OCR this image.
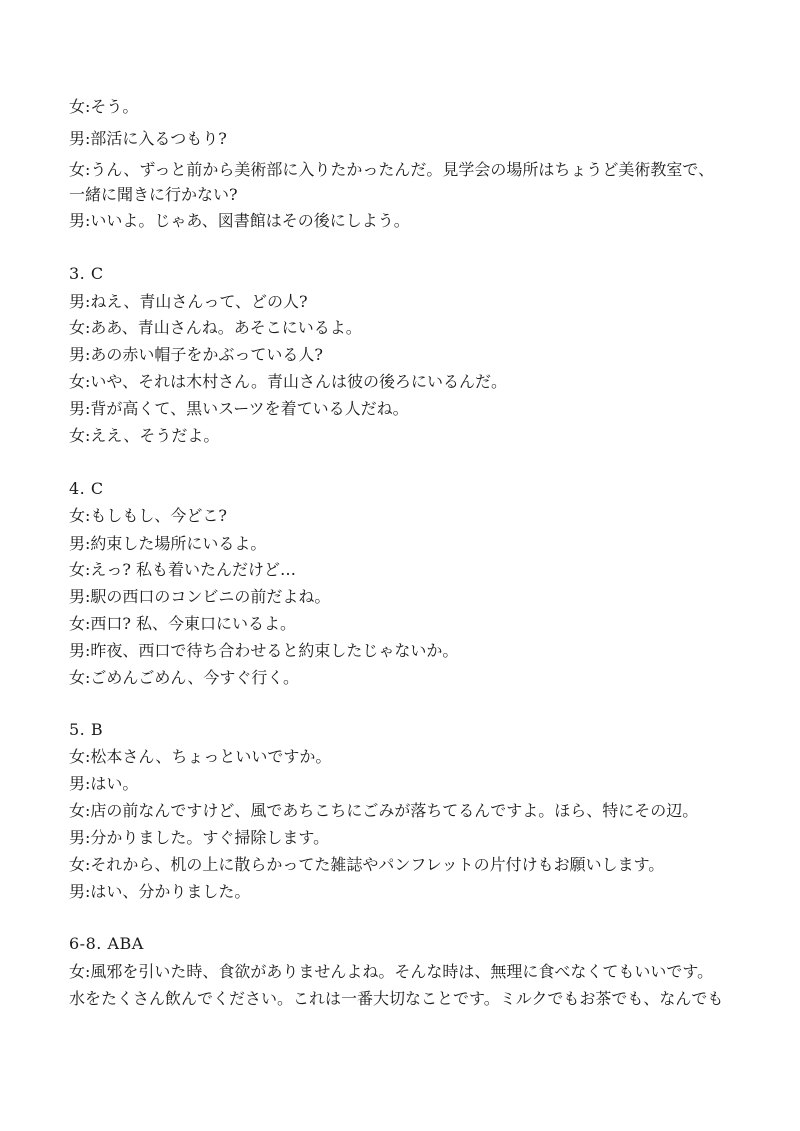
女:そう。
男:部活に入るつもり?
女:うん、ずっと前から美術部に入りたかったんだ。見学会の場所はちょうど美術教室で、
一緒に聞きに行かない?
男:いいよ。じゃあ、図書館はその後にしよう。
3. C
男:ねえ、青山さんって、どの人?
女:ああ、青山さんね。あそこにいるよ。
男:あの赤い帽子をかぶっている人?
女:いや、それは木村さん。青山さんは彼の後ろにいるんだ。
男:背が高くて、黒いスーツを着ている人だね。
女:ええ、そうだよ。
4. C
女:もしもし、今どこ?
男:約束した場所にいるよ。
女:えっ? 私も着いたんだけど…
男:駅の西口のコンビニの前だよね。
女:西口? 私、今東口にいるよ。
男:昨夜、西口で待ち合わせると約束したじゃないか。
女:ごめんごめん、今すぐ行く。
5. B
女:松本さん、ちょっといいですか。
男:はい。
女:店の前なんですけど、風であちこちにごみが落ちてるんですよ。ほら、特にその辺。
男:分かりました。すぐ掃除します。
女:それから、机の上に散らかってた雑誌やパンフレットの片付けもお願いします。
男:はい、分かりました。
6-8. ABA
女:風邪を引いた時、食欲がありませんよね。そんな時は、無理に食べなくてもいいです。
水をたくさん飲んでください。これは一番大切なことです。ミルクでもお茶でも、なんでも
